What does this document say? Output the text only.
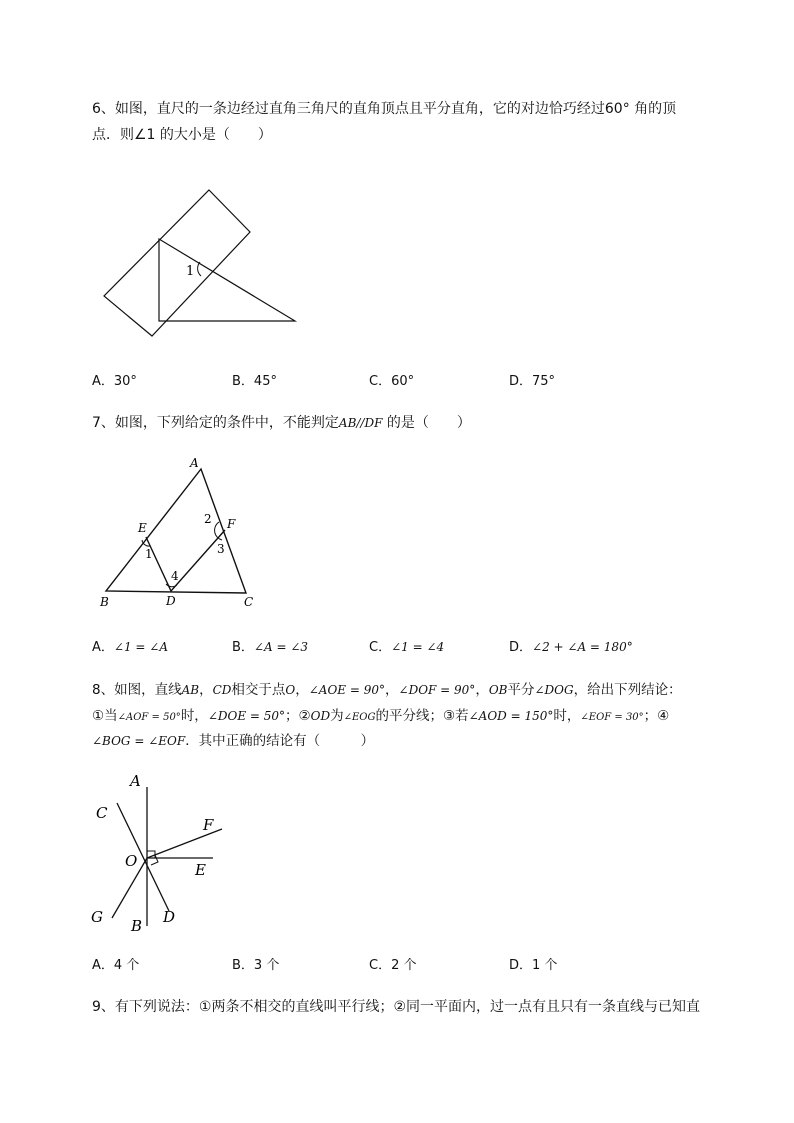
6、如图，直尺的一条边经过直角三角尺的直角顶点且平分直角，它的对边恰巧经过60° 角的顶
点．则∠1 的大小是（　　）
1
A．30°	B．45°	C．60°	D．75°
7、如图，下列给定的条件中，不能判定AB//DF 的是（　　）
A
B	C
D
E	F
1
2
3
4
A．∠1 = ∠A	B．∠A = ∠3	C．∠1 = ∠4	D．∠2 + ∠A = 180°
8、如图，直线AB，CD相交于点O，∠AOE = 90°，∠DOF = 90°，OB平分∠DOG，给出下列结论：
①当∠AOF = 50°时，∠DOE = 50°；②OD为∠EOG的平分线；③若∠AOD = 150°时，∠EOF = 30°；④
∠BOG = ∠EOF．其中正确的结论有（　　　）
A
B
C
D
E
F
G
O
A．4 个	B．3 个	C．2 个	D．1 个
9、有下列说法：①两条不相交的直线叫平行线；②同一平面内，过一点有且只有一条直线与已知直
